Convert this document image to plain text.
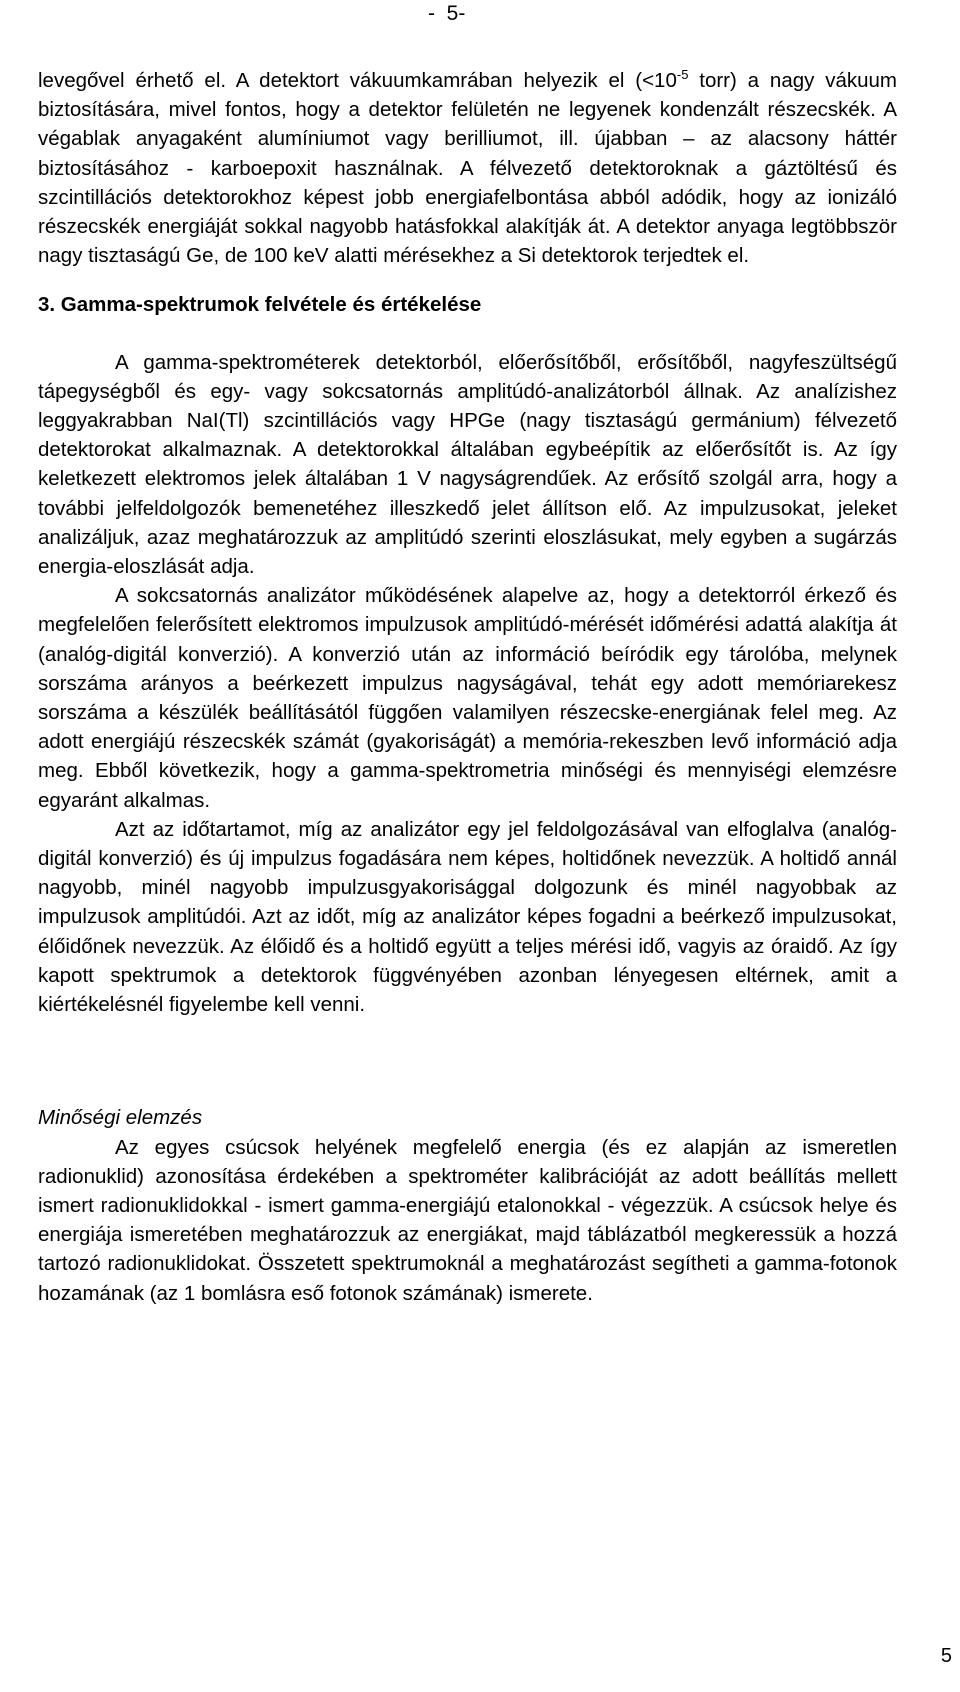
-  5-

levegővel érhető el. A detektort vákuumkamrában helyezik el ($<10^{-5}$ torr) a nagy vákuum biztosítására, mivel fontos, hogy a detektor felületén ne legyenek kondenzált részecskék. A végablak anyagaként alumíniumot vagy berilliumot, ill. újabban – az alacsony háttér biztosításához - karboepoxit használnak. A félvezető detektoroknak a gáztöltésű és szcintillációs detektorokhoz képest jobb energiafelbontása abból adódik, hogy az ionizáló részecskék energiáját sokkal nagyobb hatásfokkal alakítják át. A detektor anyaga legtöbbször nagy tisztaságú Ge, de 100 keV alatti mérésekhez a Si detektorok terjedtek el.

3. Gamma-spektrumok felvétele és értékelése

A gamma-spektrométerek detektorból, előerősítőből, erősítőből, nagyfeszültségű tápegységből és egy- vagy sokcsatornás amplitúdó-analizátorból állnak. Az analízishez leggyakrabban NaI(Tl) szcintillációs vagy HPGe (nagy tisztaságú germánium) félvezető detektorokat alkalmaznak. A detektorokkal általában egybeépítik az előerősítőt is. Az így keletkezett elektromos jelek általában 1 V nagyságrendűek. Az erősítő szolgál arra, hogy a további jelfeldolgozók bemenetéhez illeszkedő jelet állítson elő. Az impulzusokat, jeleket analizáljuk, azaz meghatározzuk az amplitúdó szerinti eloszlásukat, mely egyben a sugárzás energia-eloszlását adja.

A sokcsatornás analizátor működésének alapelve az, hogy a detektorról érkező és megfelelően felerősített elektromos impulzusok amplitúdó-mérését időmérési adattá alakítja át (analóg-digitál konverzió). A konverzió után az információ beíródik egy tárolóba, melynek sorszáma arányos a beérkezett impulzus nagyságával, tehát egy adott memóriarekesz sorszáma a készülék beállításától függően valamilyen részecske-energiának felel meg. Az adott energiájú részecskék számát (gyakoriságát) a memória-rekeszben levő információ adja meg. Ebből következik, hogy a gamma-spektrometria minőségi és mennyiségi elemzésre egyaránt alkalmas.

Azt az időtartamot, míg az analizátor egy jel feldolgozásával van elfoglalva (analóg-digitál konverzió) és új impulzus fogadására nem képes, holtidőnek nevezzük. A holtidő annál nagyobb, minél nagyobb impulzusgyakorisággal dolgozunk és minél nagyobbak az impulzusok amplitúdói. Azt az időt, míg az analizátor képes fogadni a beérkező impulzusokat, élőidőnek nevezzük. Az élőidő és a holtidő együtt a teljes mérési idő, vagyis az óraidő. Az így kapott spektrumok a detektorok függvényében azonban lényegesen eltérnek, amit a kiértékelésnél figyelembe kell venni.

Minőségi elemzés

Az egyes csúcsok helyének megfelelő energia (és ez alapján az ismeretlen radionuklid) azonosítása érdekében a spektrométer kalibrációját az adott beállítás mellett ismert radionuklidokkal - ismert gamma-energiájú etalonokkal - végezzük. A csúcsok helye és energiája ismeretében meghatározzuk az energiákat, majd táblázatból megkeressük a hozzá tartozó radionuklidokat. Összetett spektrumoknál a meghatározást segítheti a gamma-fotonok hozamának (az 1 bomlásra eső fotonok számának) ismerete.

5
